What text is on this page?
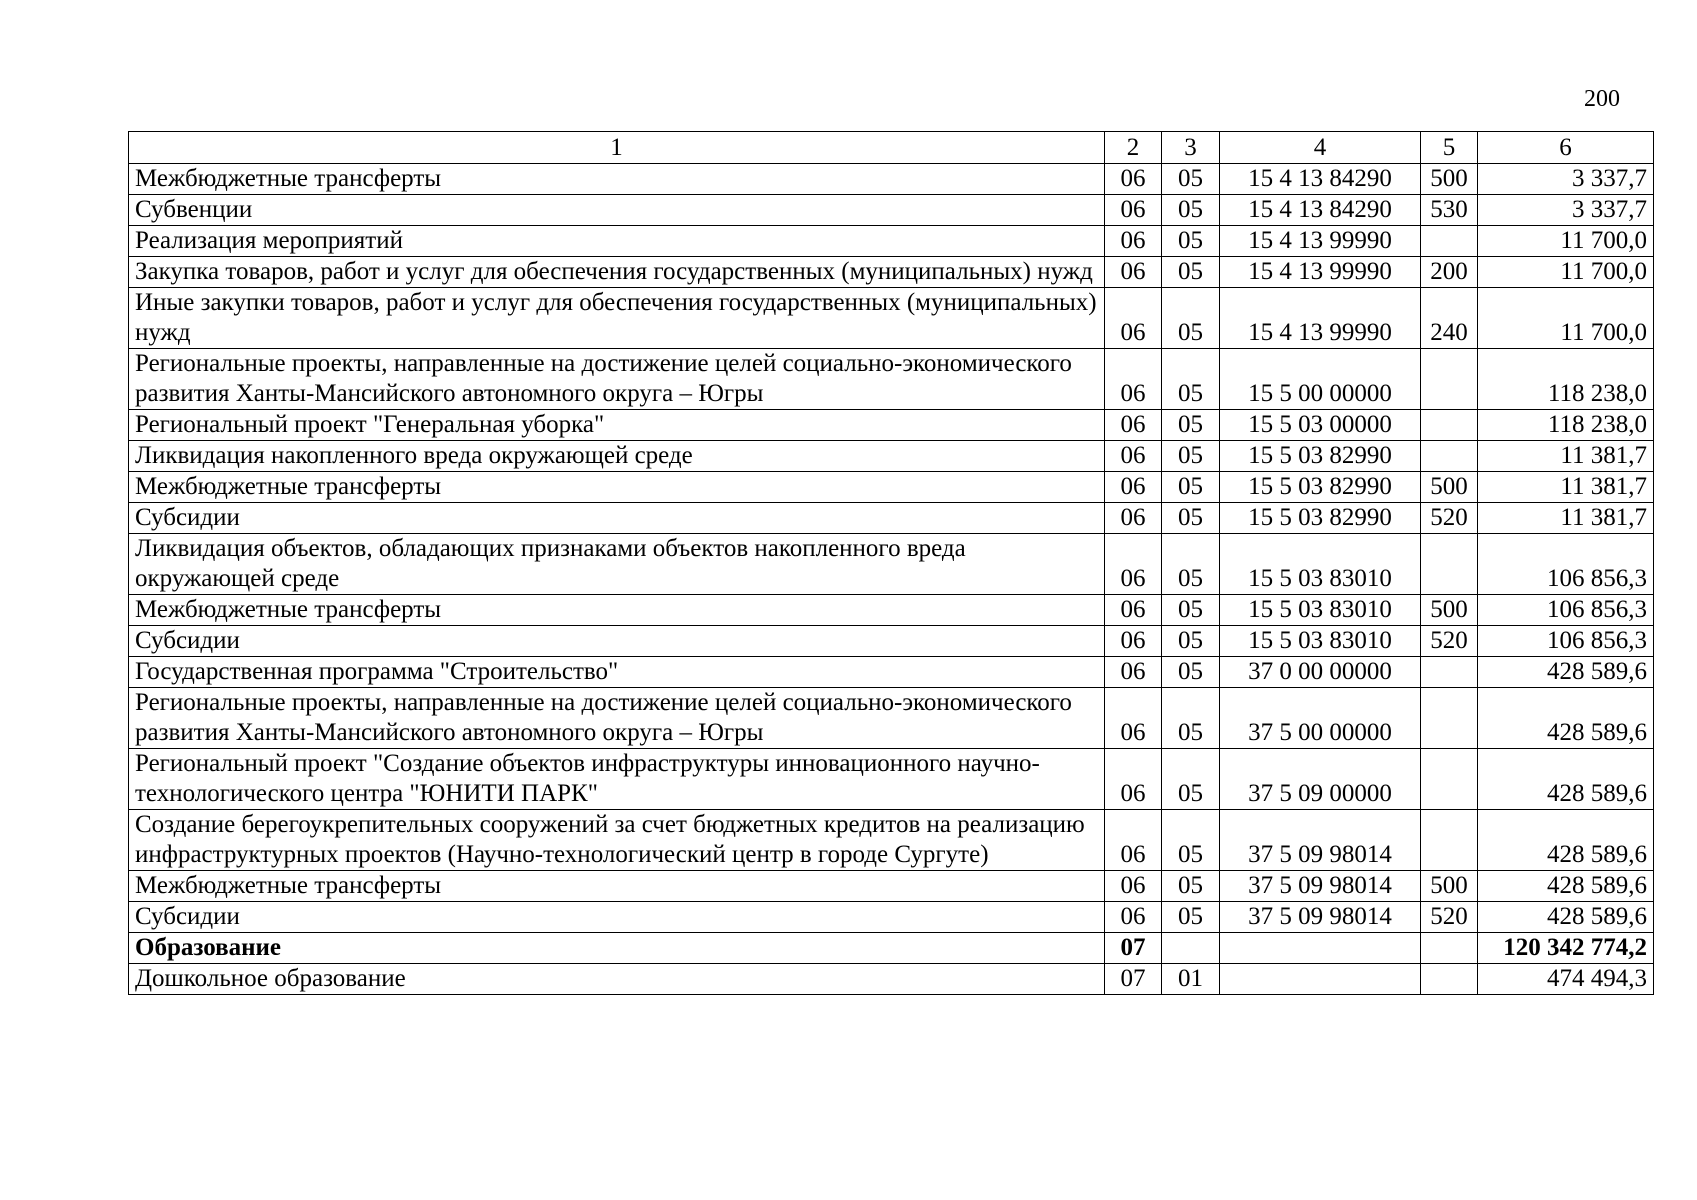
200
1	2	3	4	5	6
Межбюджетные трансферты	06	05	15 4 13 84290	500	3 337,7
Субвенции	06	05	15 4 13 84290	530	3 337,7
Реализация мероприятий	06	05	15 4 13 99990		11 700,0
Закупка товаров, работ и услуг для обеспечения государственных (муниципальных) нужд	06	05	15 4 13 99990	200	11 700,0
Иные закупки товаров, работ и услуг для обеспечения государственных (муниципальных) нужд	06	05	15 4 13 99990	240	11 700,0
Региональные проекты, направленные на достижение целей социально-экономического развития Ханты-Мансийского автономного округа – Югры	06	05	15 5 00 00000		118 238,0
Региональный проект "Генеральная уборка"	06	05	15 5 03 00000		118 238,0
Ликвидация накопленного вреда окружающей среде	06	05	15 5 03 82990		11 381,7
Межбюджетные трансферты	06	05	15 5 03 82990	500	11 381,7
Субсидии	06	05	15 5 03 82990	520	11 381,7
Ликвидация объектов, обладающих признаками объектов накопленного вреда окружающей среде	06	05	15 5 03 83010		106 856,3
Межбюджетные трансферты	06	05	15 5 03 83010	500	106 856,3
Субсидии	06	05	15 5 03 83010	520	106 856,3
Государственная программа "Строительство"	06	05	37 0 00 00000		428 589,6
Региональные проекты, направленные на достижение целей социально-экономического развития Ханты-Мансийского автономного округа – Югры	06	05	37 5 00 00000		428 589,6
Региональный проект "Создание объектов инфраструктуры инновационного научно-технологического центра "ЮНИТИ ПАРК"	06	05	37 5 09 00000		428 589,6
Создание берегоукрепительных сооружений за счет бюджетных кредитов на реализацию инфраструктурных проектов (Научно-технологический центр в городе Сургуте)	06	05	37 5 09 98014		428 589,6
Межбюджетные трансферты	06	05	37 5 09 98014	500	428 589,6
Субсидии	06	05	37 5 09 98014	520	428 589,6
Образование	07				120 342 774,2
Дошкольное образование	07	01			474 494,3
